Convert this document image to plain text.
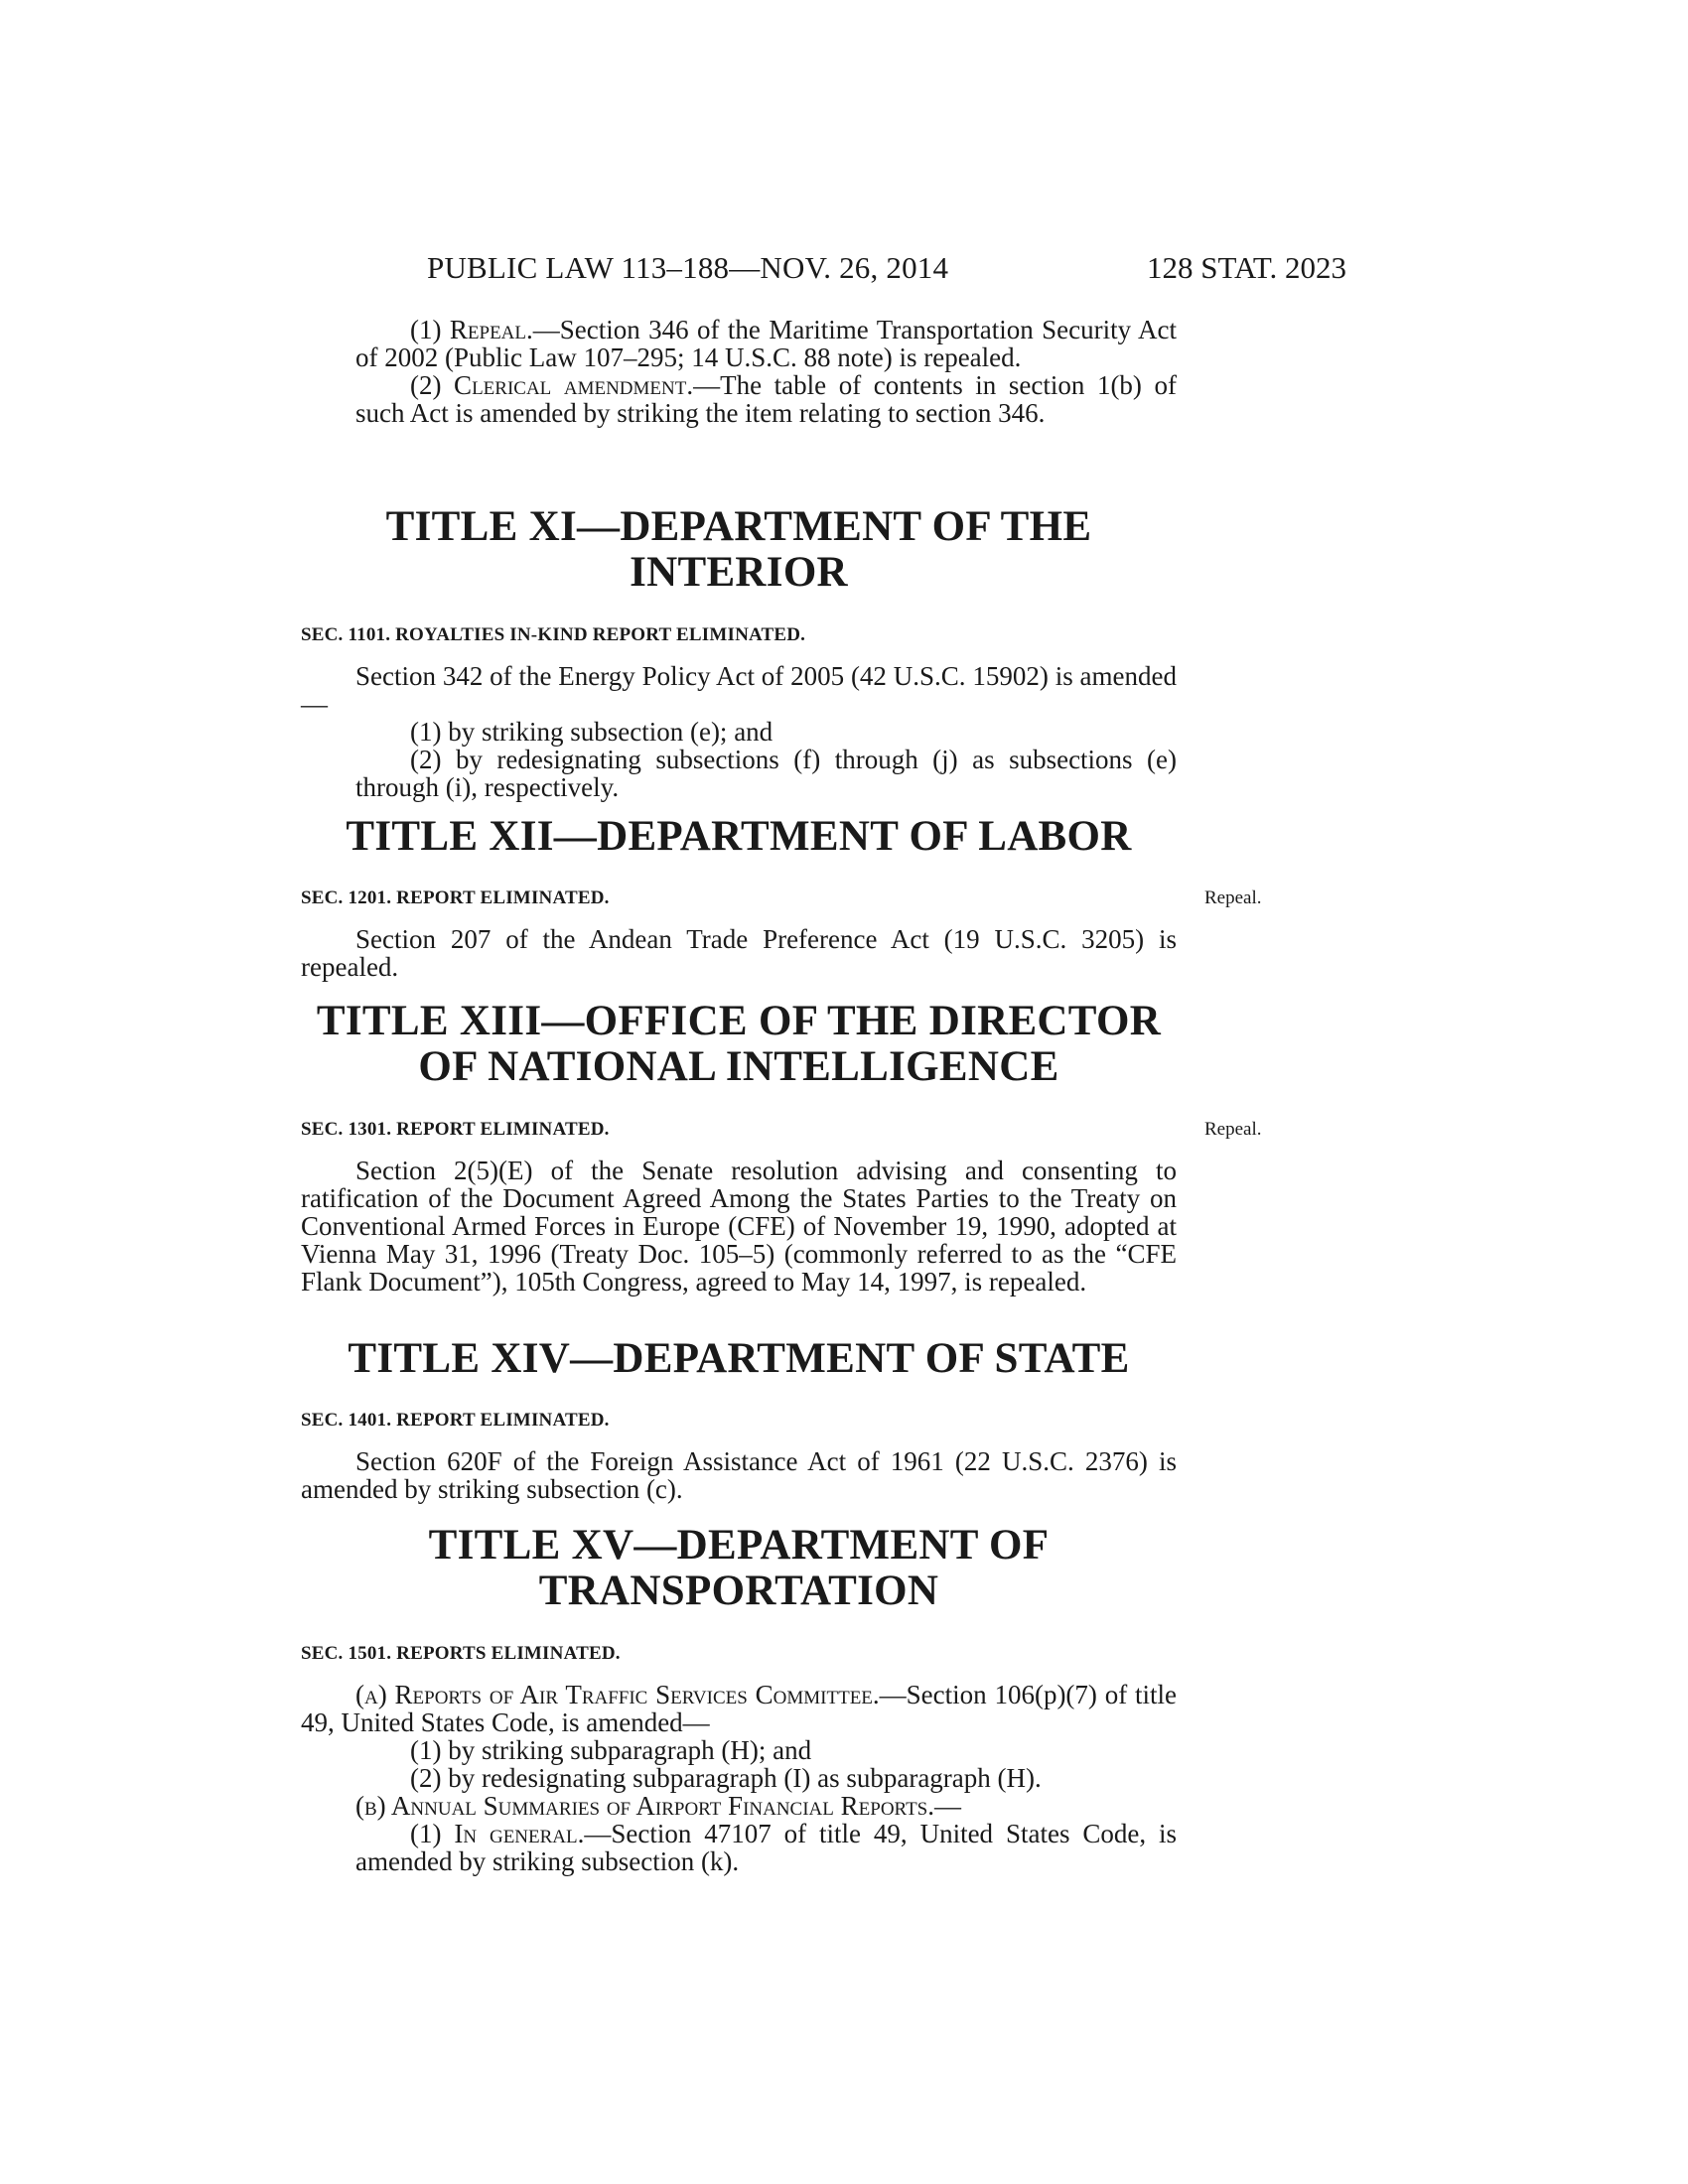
PUBLIC LAW 113–188—NOV. 26, 2014	128 STAT. 2023

(1) Repeal.—Section 346 of the Maritime Transportation Security Act of 2002 (Public Law 107–295; 14 U.S.C. 88 note) is repealed.

(2) Clerical amendment.—The table of contents in section 1(b) of such Act is amended by striking the item relating to section 346.

TITLE XI—DEPARTMENT OF THE
INTERIOR
SEC. 1101. ROYALTIES IN-KIND REPORT ELIMINATED.

Section 342 of the Energy Policy Act of 2005 (42 U.S.C. 15902) is amended—

(1) by striking subsection (e); and

(2) by redesignating subsections (f) through (j) as subsections (e) through (i), respectively.

TITLE XII—DEPARTMENT OF LABOR
SEC. 1201. REPORT ELIMINATED.	Repeal.

Section 207 of the Andean Trade Preference Act (19 U.S.C. 3205) is repealed.

TITLE XIII—OFFICE OF THE DIRECTOR
OF NATIONAL INTELLIGENCE
SEC. 1301. REPORT ELIMINATED.	Repeal.

Section 2(5)(E) of the Senate resolution advising and consenting to ratification of the Document Agreed Among the States Parties to the Treaty on Conventional Armed Forces in Europe (CFE) of November 19, 1990, adopted at Vienna May 31, 1996 (Treaty Doc. 105–5) (commonly referred to as the “CFE Flank Document”), 105th Congress, agreed to May 14, 1997, is repealed.

TITLE XIV—DEPARTMENT OF STATE
SEC. 1401. REPORT ELIMINATED.

Section 620F of the Foreign Assistance Act of 1961 (22 U.S.C. 2376) is amended by striking subsection (c).

TITLE XV—DEPARTMENT OF
TRANSPORTATION
SEC. 1501. REPORTS ELIMINATED.

(a) Reports of Air Traffic Services Committee.—Section 106(p)(7) of title 49, United States Code, is amended—

(1) by striking subparagraph (H); and

(2) by redesignating subparagraph (I) as subparagraph (H).

(b) Annual Summaries of Airport Financial Reports.—

(1) In general.—Section 47107 of title 49, United States Code, is amended by striking subsection (k).
